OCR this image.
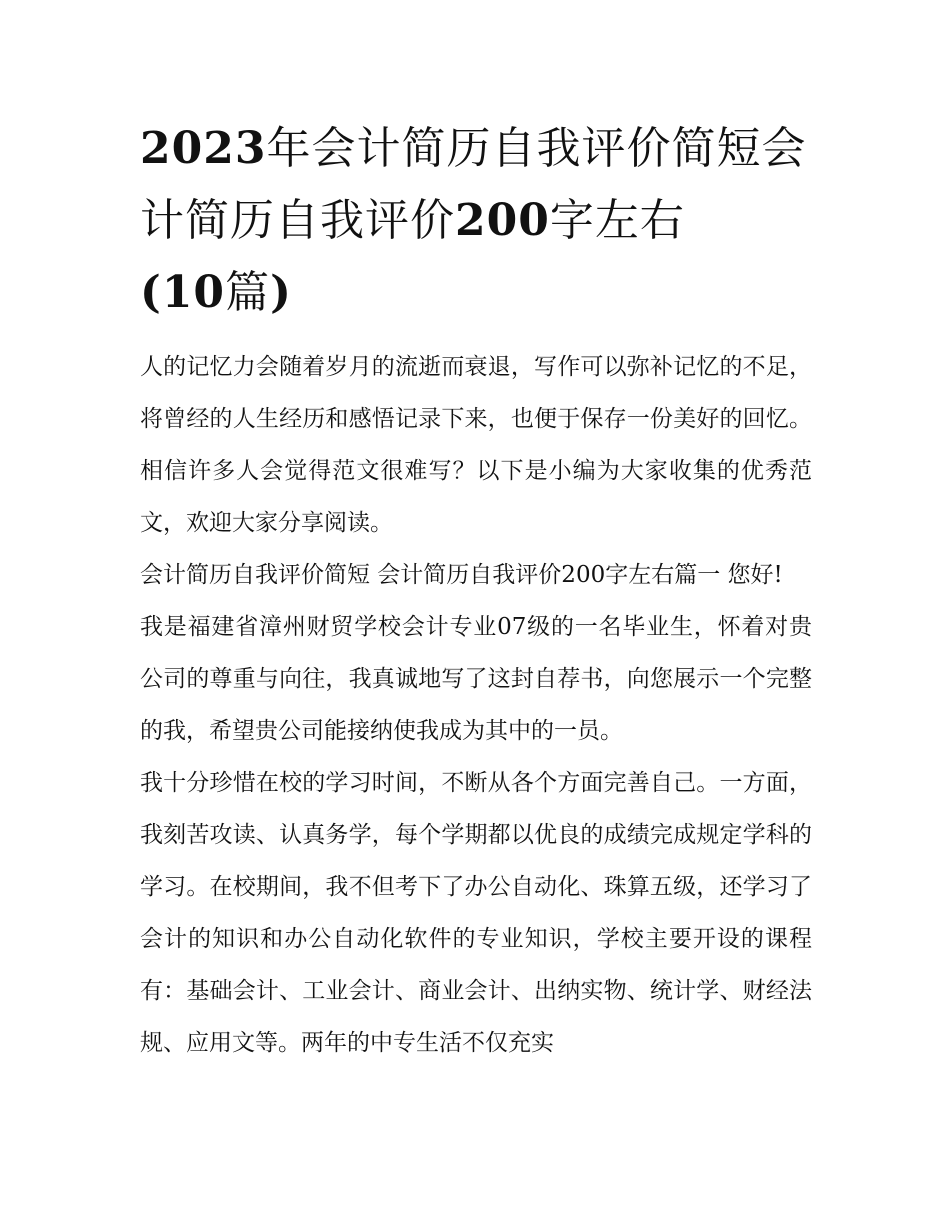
2023年会计简历自我评价简短会计简历自我评价200字左右
(10篇)

人的记忆力会随着岁月的流逝而衰退，写作可以弥补记忆的不足，将曾经的人生经历和感悟记录下来，也便于保存一份美好的回忆。相信许多人会觉得范文很难写？以下是小编为大家收集的优秀范文，欢迎大家分享阅读。

会计简历自我评价简短 会计简历自我评价200字左右篇一 您好!

我是福建省漳州财贸学校会计专业07级的一名毕业生，怀着对贵公司的尊重与向往，我真诚地写了这封自荐书，向您展示一个完整的我，希望贵公司能接纳使我成为其中的一员。

我十分珍惜在校的学习时间，不断从各个方面完善自己。一方面，我刻苦攻读、认真务学，每个学期都以优良的成绩完成规定学科的学习。在校期间，我不但考下了办公自动化、珠算五级，还学习了会计的知识和办公自动化软件的专业知识，学校主要开设的课程有：基础会计、工业会计、商业会计、出纳实物、统计学、财经法规、应用文等。两年的中专生活不仅充实
